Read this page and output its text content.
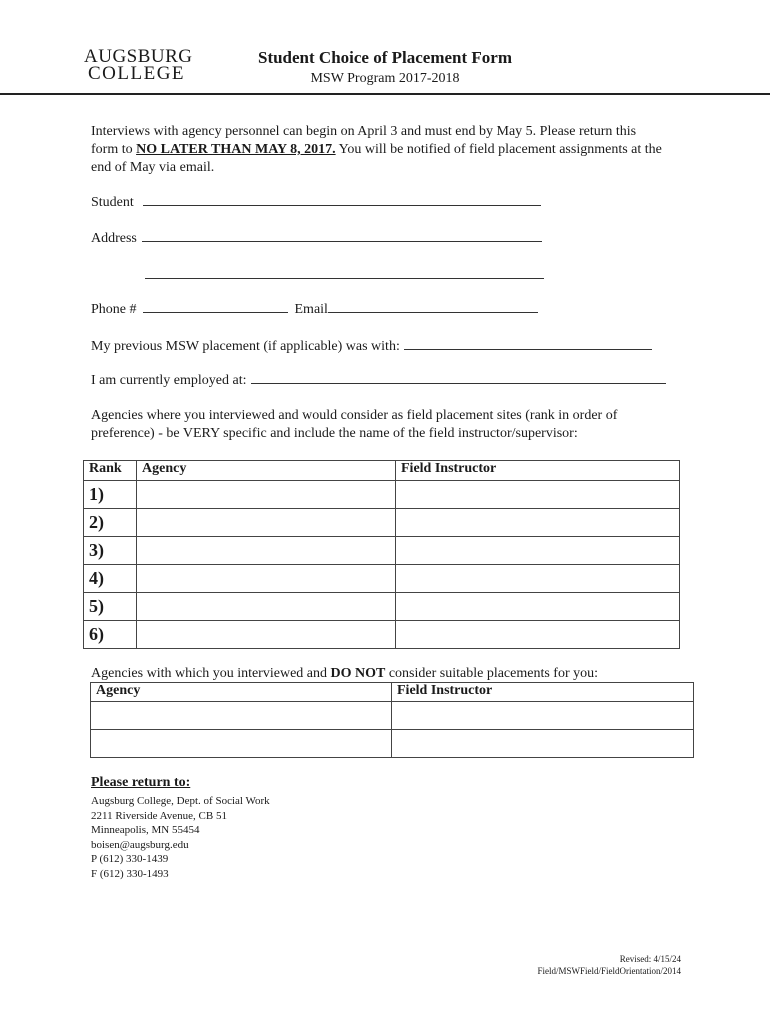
AUGSBURG
COLLEGE
Student Choice of Placement Form
MSW Program 2017-2018
Interviews with agency personnel can begin on April 3 and must end by May 5. Please return this form to NO LATER THAN MAY 8, 2017. You will be notified of field placement assignments at the end of May via email.
Student
Address
Phone #	Email
My previous MSW placement (if applicable) was with:
I am currently employed at:
Agencies where you interviewed and would consider as field placement sites (rank in order of preference) - be VERY specific and include the name of the field instructor/supervisor:
Rank	Agency	Field Instructor
1)		
2)		
3)		
4)		
5)		
6)		
Agencies with which you interviewed and DO NOT consider suitable placements for you:
Agency	Field Instructor

Please return to:
Augsburg College, Dept. of Social Work
2211 Riverside Avenue, CB 51
Minneapolis, MN 55454
boisen@augsburg.edu
P (612) 330-1439
F (612) 330-1493
Revised: 4/15/24
Field/MSWField/FieldOrientation/2014
